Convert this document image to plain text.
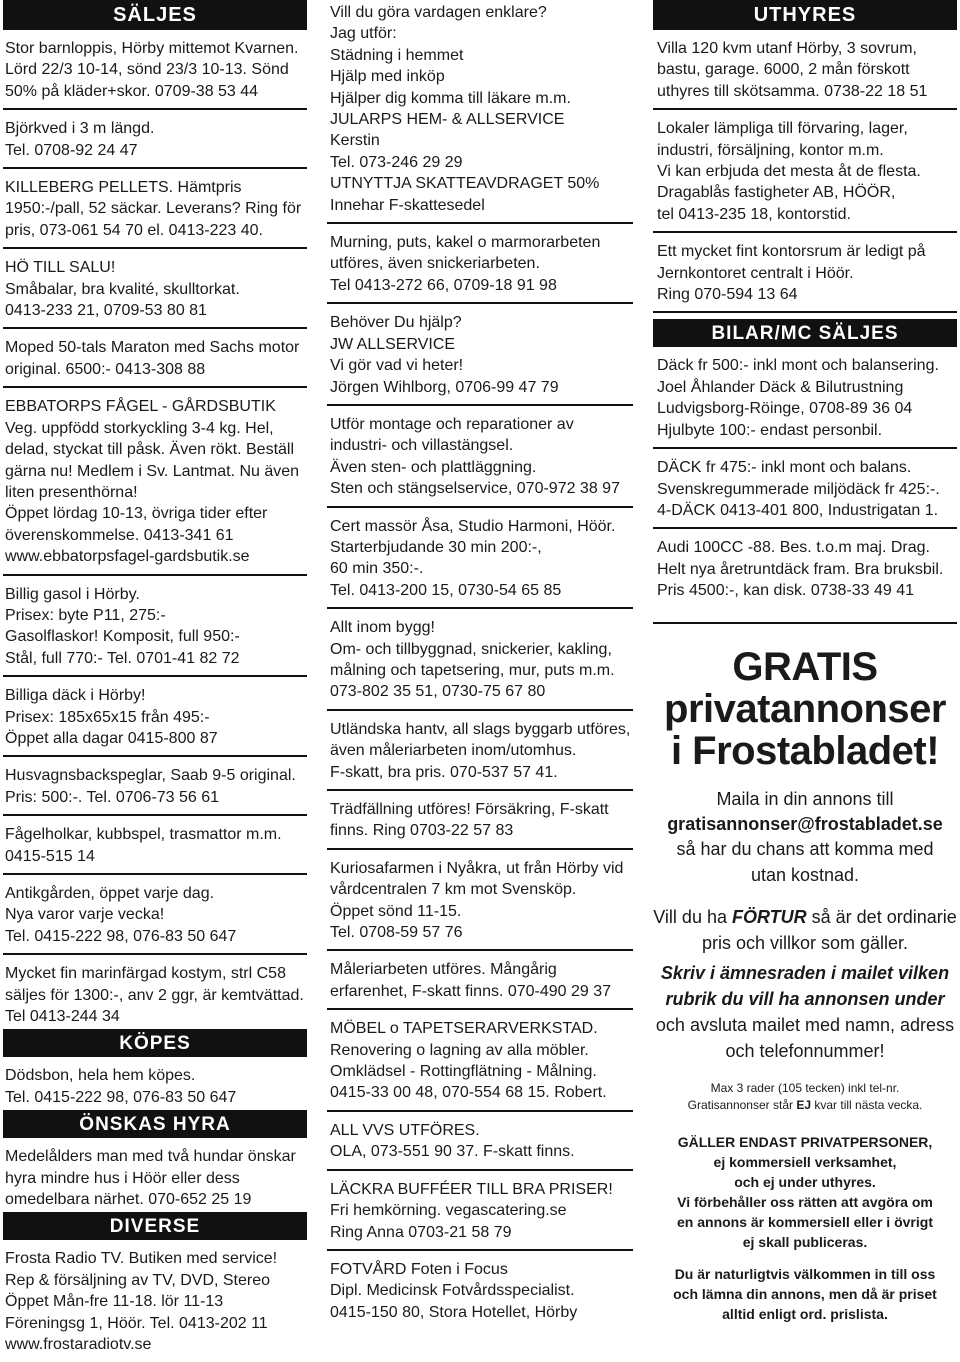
SÄLJES
Stor barnloppis, Hörby mittemot Kvarnen. Lörd 22/3 10-14, sönd 23/3 10-13. Sönd 50% på kläder+skor. 0709-38 53 44
Björkved i 3 m längd.
Tel. 0708-92 24 47
KILLEBERG PELLETS. Hämtpris 1950:-/pall, 52 säckar. Leverans? Ring för pris, 073-061 54 70 el. 0413-223 40.
HÖ TILL SALU!
Småbalar, bra kvalité, skulltorkat.
0413-233 21, 0709-53 80 81
Moped 50-tals Maraton med Sachs motor original. 6500:- 0413-308 88
EBBATORPS FÅGEL - GÅRDSBUTIK
Veg. uppfödd storkyckling 3-4 kg. Hel, delad, styckat till påsk. Även rökt. Beställ gärna nu! Medlem i Sv. Lantmat. Nu även liten presenthörna!
Öppet lördag 10-13, övriga tider efter överenskommelse. 0413-341 61
www.ebbatorpsfagel-gardsbutik.se
Billig gasol i Hörby.
Prisex: byte P11, 275:-
Gasolflaskor! Komposit, full 950:-
Stål, full 770:- Tel. 0701-41 82 72
Billiga däck i Hörby!
Prisex: 185x65x15 från 495:-
Öppet alla dagar 0415-800 87
Husvagnsbackspeglar, Saab 9-5 original.
Pris: 500:-. Tel. 0706-73 56 61
Fågelholkar, kubbspel, trasmattor m.m.
0415-515 14
Antikgården, öppet varje dag.
Nya varor varje vecka!
Tel. 0415-222 98, 076-83 50 647
Mycket fin marinfärgad kostym, strl C58 säljes för 1300:-, anv 2 ggr, är kemtvättad. Tel 0413-244 34
KÖPES
Dödsbon, hela hem köpes.
Tel. 0415-222 98, 076-83 50 647
ÖNSKAS HYRA
Medelålders man med två hundar önskar hyra mindre hus i Höör eller dess omedelbara närhet. 070-652 25 19
DIVERSE
Frosta Radio TV. Butiken med service!
Rep & försäljning av TV, DVD, Stereo
Öppet Mån-fre 11-18. lör 11-13
Föreningsg 1, Höör. Tel. 0413-202 11
www.frostaradiotv.se
Vill du göra vardagen enklare?
Jag utför:
Städning i hemmet
Hjälp med inköp
Hjälper dig komma till läkare m.m.
JULARPS HEM- & ALLSERVICE
Kerstin
Tel. 073-246 29 29
UTNYTTJA SKATTEAVDRAGET 50%
Innehar F-skattesedel
Murning, puts, kakel o marmorarbeten utföres, även snickeriarbeten.
Tel 0413-272 66, 0709-18 91 98
Behöver Du hjälp?
JW ALLSERVICE
Vi gör vad vi heter!
Jörgen Wihlborg, 0706-99 47 79
Utför montage och reparationer av industri- och villastängsel.
Även sten- och plattläggning.
Sten och stängselservice, 070-972 38 97
Cert massör Åsa, Studio Harmoni, Höör.
Starterbjudande 30 min 200:-,
60 min 350:-.
Tel. 0413-200 15, 0730-54 65 85
Allt inom bygg!
Om- och tillbyggnad, snickerier, kakling, målning och tapetsering, mur, puts m.m.
073-802 35 51, 0730-75 67 80
Utländska hantv, all slags byggarb utföres, även måleriarbeten inom/utomhus.
F-skatt, bra pris. 070-537 57 41.
Trädfällning utföres! Försäkring, F-skatt finns. Ring 0703-22 57 83
Kuriosafarmen i Nyåkra, ut från Hörby vid vårdcentralen 7 km mot Svensköp.
Öppet sönd 11-15.
Tel. 0708-59 57 76
Måleriarbeten utföres. Mångårig erfarenhet, F-skatt finns. 070-490 29 37
MÖBEL o TAPETSERARVERKSTAD.
Renovering o lagning av alla möbler.
Omklädsel - Rottingflätning - Målning.
0415-33 00 48, 070-554 68 15. Robert.
ALL VVS UTFÖRES.
OLA, 073-551 90 37. F-skatt finns.
LÄCKRA BUFFÉER TILL BRA PRISER!
Fri hemkörning. vegascatering.se
Ring Anna 0703-21 58 79
FOTVÅRD Foten i Focus
Dipl. Medicinsk Fotvårdsspecialist.
0415-150 80, Stora Hotellet, Hörby
UTHYRES
Villa 120 kvm utanf Hörby, 3 sovrum, bastu, garage. 6000, 2 mån förskott uthyres till skötsamma. 0738-22 18 51
Lokaler lämpliga till förvaring, lager, industri, försäljning, kontor m.m.
Vi kan erbjuda det mesta åt de flesta.
Dragablås fastigheter AB, HÖÖR,
tel 0413-235 18, kontorstid.
Ett mycket fint kontorsrum är ledigt på Jernkontoret centralt i Höör.
Ring 070-594 13 64
BILAR/MC SÄLJES
Däck fr 500:- inkl mont och balansering.
Joel Åhlander Däck & Bilutrustning
Ludvigsborg-Röinge, 0708-89 36 04
Hjulbyte 100:- endast personbil.
DÄCK fr 475:- inkl mont och balans.
Svenskregummerade miljödäck fr 425:-.
4-DÄCK 0413-401 800, Industrigatan 1.
Audi 100CC -88. Bes. t.o.m maj. Drag.
Helt nya åretruntdäck fram. Bra bruksbil.
Pris 4500:-, kan disk. 0738-33 49 41
GRATIS
privatannonser
i Frostabladet!
Maila in din annons till
gratisannonser@frostabladet.se
så har du chans att komma med
utan kostnad.
Vill du ha FÖRTUR så är det ordinarie pris och villkor som gäller.
Skriv i ämnesraden i mailet vilken rubrik du vill ha annonsen under och avsluta mailet med namn, adress och telefonnummer!
Max 3 rader (105 tecken) inkl tel-nr.
Gratisannonser står EJ kvar till nästa vecka.
GÄLLER ENDAST PRIVATPERSONER,
ej kommersiell verksamhet,
och ej under uthyres.
Vi förbehåller oss rätten att avgöra om
en annons är kommersiell eller i övrigt
ej skall publiceras.
Du är naturligtvis välkommen in till oss
och lämna din annons, men då är priset
alltid enligt ord. prislista.
